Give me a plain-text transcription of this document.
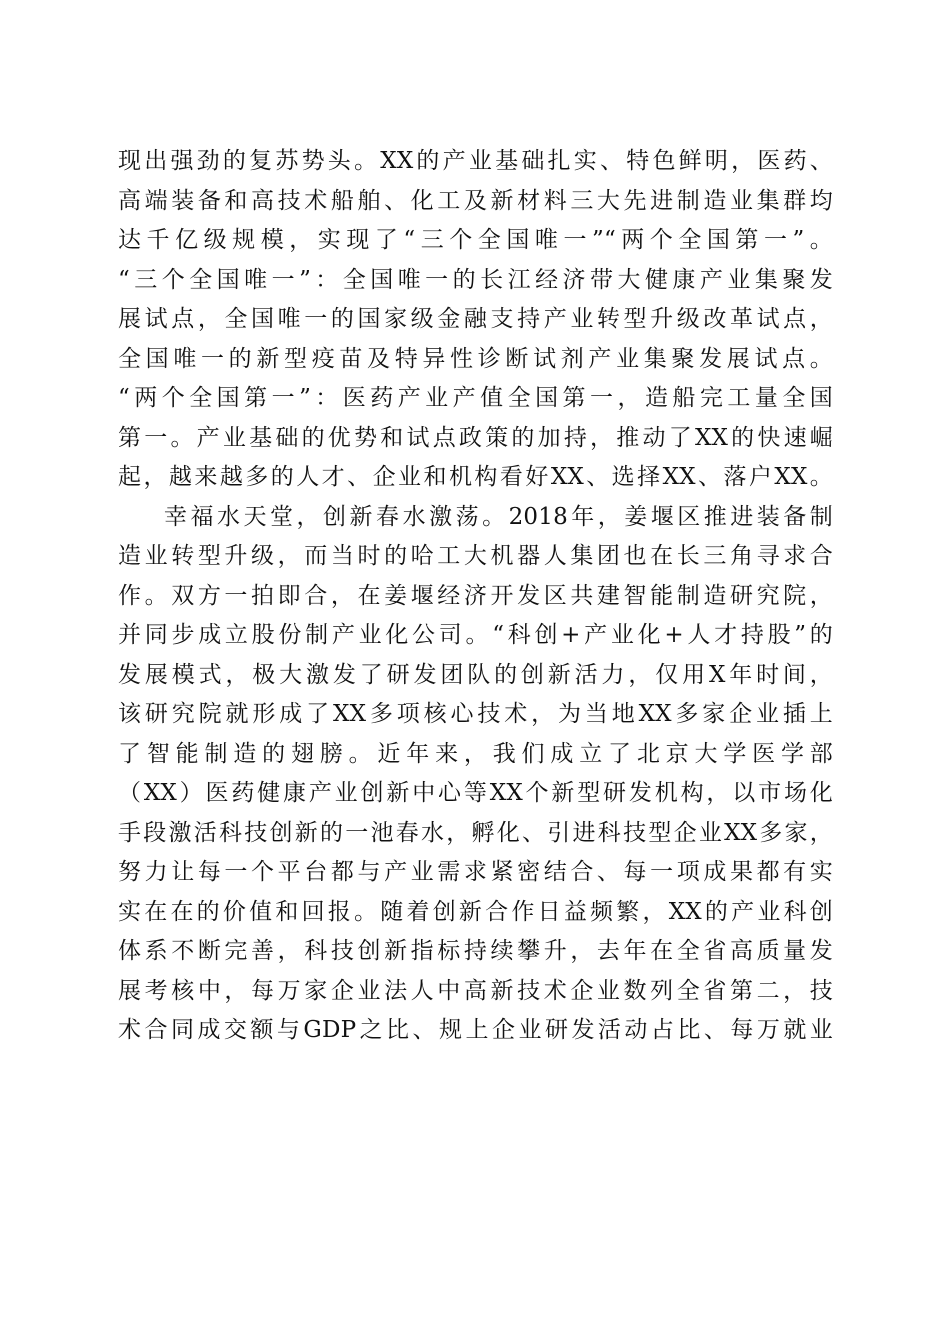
现出强劲的复苏势头。XX的产业基础扎实、特色鲜明，医药、
高端装备和高技术船舶、化工及新材料三大先进制造业集群均
达千亿级规模，实现了“三个全国唯一”“两个全国第一”。
“三个全国唯一”：全国唯一的长江经济带大健康产业集聚发
展试点，全国唯一的国家级金融支持产业转型升级改革试点，
全国唯一的新型疫苗及特异性诊断试剂产业集聚发展试点。
“两个全国第一”：医药产业产值全国第一，造船完工量全国
第一。产业基础的优势和试点政策的加持，推动了XX的快速崛
起，越来越多的人才、企业和机构看好XX、选择XX、落户XX。
幸福水天堂，创新春水激荡。2018年，姜堰区推进装备制
造业转型升级，而当时的哈工大机器人集团也在长三角寻求合
作。双方一拍即合，在姜堰经济开发区共建智能制造研究院，
并同步成立股份制产业化公司。“科创+产业化+人才持股”的
发展模式，极大激发了研发团队的创新活力，仅用X年时间，
该研究院就形成了XX多项核心技术，为当地XX多家企业插上
了智能制造的翅膀。近年来，我们成立了北京大学医学部
（XX）医药健康产业创新中心等XX个新型研发机构，以市场化
手段激活科技创新的一池春水，孵化、引进科技型企业XX多家，
努力让每一个平台都与产业需求紧密结合、每一项成果都有实
实在在的价值和回报。随着创新合作日益频繁，XX的产业科创
体系不断完善，科技创新指标持续攀升，去年在全省高质量发
展考核中，每万家企业法人中高新技术企业数列全省第二，技
术合同成交额与GDP之比、规上企业研发活动占比、每万就业
